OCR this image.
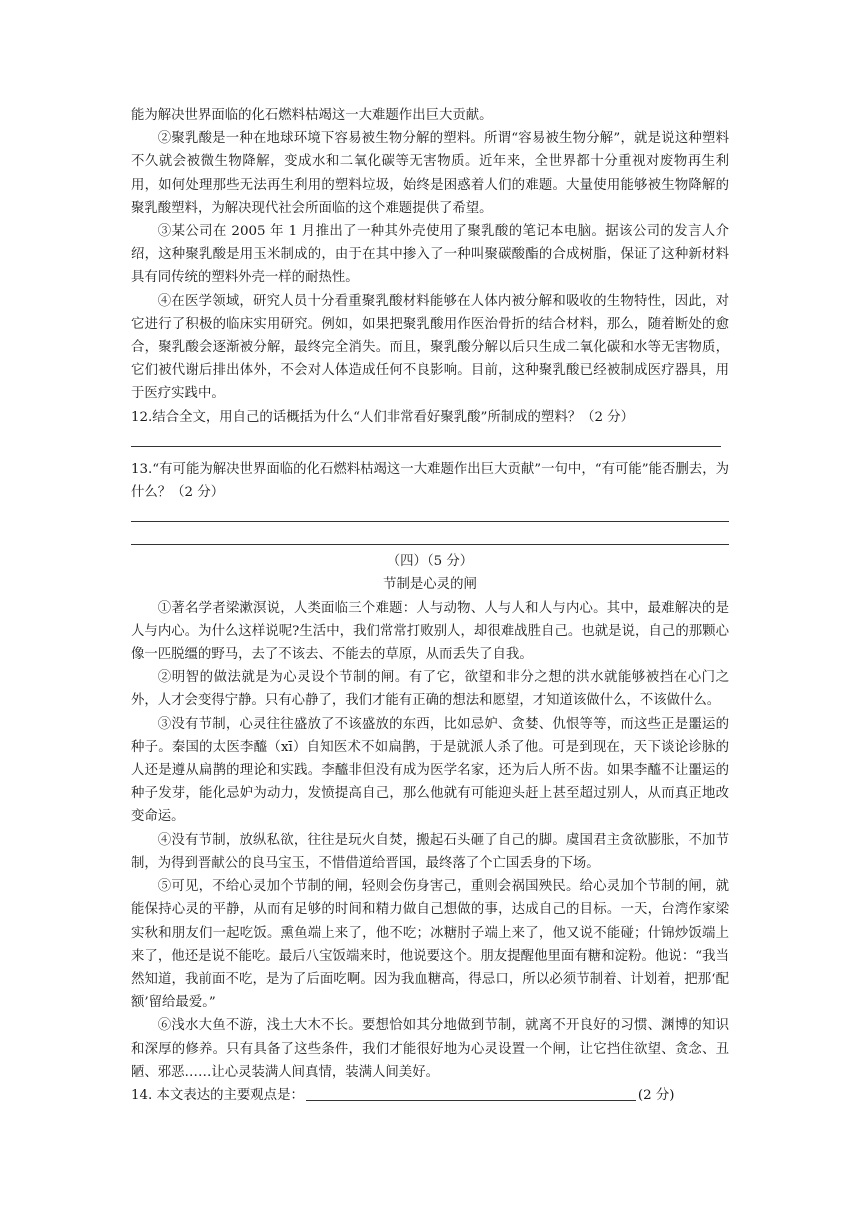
能为解决世界面临的化石燃料枯竭这一大难题作出巨大贡献。

②聚乳酸是一种在地球环境下容易被生物分解的塑料。所谓“容易被生物分解”，就是说这种塑料不久就会被微生物降解，变成水和二氧化碳等无害物质。近年来，全世界都十分重视对废物再生利用，如何处理那些无法再生利用的塑料垃圾，始终是困惑着人们的难题。大量使用能够被生物降解的聚乳酸塑料，为解决现代社会所面临的这个难题提供了希望。

③某公司在 2005 年 1 月推出了一种其外壳使用了聚乳酸的笔记本电脑。据该公司的发言人介绍，这种聚乳酸是用玉米制成的，由于在其中掺入了一种叫聚碳酸酯的合成树脂，保证了这种新材料具有同传统的塑料外壳一样的耐热性。

④在医学领域，研究人员十分看重聚乳酸材料能够在人体内被分解和吸收的生物特性，因此，对它进行了积极的临床实用研究。例如，如果把聚乳酸用作医治骨折的结合材料，那么，随着断处的愈合，聚乳酸会逐渐被分解，最终完全消失。而且，聚乳酸分解以后只生成二氧化碳和水等无害物质，它们被代谢后排出体外，不会对人体造成任何不良影响。目前，这种聚乳酸已经被制成医疗器具，用于医疗实践中。

12.结合全文，用自己的话概括为什么“人们非常看好聚乳酸”所制成的塑料？（2 分）

13.“有可能为解决世界面临的化石燃料枯竭这一大难题作出巨大贡献”一句中，“有可能”能否删去，为什么？（2 分）

（四）（5 分）

节制是心灵的闸

①著名学者梁漱溟说，人类面临三个难题：人与动物、人与人和人与内心。其中，最难解决的是人与内心。为什么这样说呢?生活中，我们常常打败别人，却很难战胜自己。也就是说，自己的那颗心像一匹脱缰的野马，去了不该去、不能去的草原，从而丢失了自我。

②明智的做法就是为心灵设个节制的闸。有了它，欲望和非分之想的洪水就能够被挡在心门之外，人才会变得宁静。只有心静了，我们才能有正确的想法和愿望，才知道该做什么，不该做什么。

③没有节制，心灵往往盛放了不该盛放的东西，比如忌妒、贪婪、仇恨等等，而这些正是噩运的种子。秦国的太医李醯（xī）自知医术不如扁鹊，于是就派人杀了他。可是到现在，天下谈论诊脉的人还是遵从扁鹊的理论和实践。李醯非但没有成为医学名家，还为后人所不齿。如果李醯不让噩运的种子发芽，能化忌妒为动力，发愤提高自己，那么他就有可能迎头赶上甚至超过别人，从而真正地改变命运。

④没有节制，放纵私欲，往往是玩火自焚，搬起石头砸了自己的脚。虞国君主贪欲膨胀，不加节制，为得到晋献公的良马宝玉，不惜借道给晋国，最终落了个亡国丢身的下场。

⑤可见，不给心灵加个节制的闸，轻则会伤身害己，重则会祸国殃民。给心灵加个节制的闸，就能保持心灵的平静，从而有足够的时间和精力做自己想做的事，达成自己的目标。一天，台湾作家梁实秋和朋友们一起吃饭。熏鱼端上来了，他不吃；冰糖肘子端上来了，他又说不能碰；什锦炒饭端上来了，他还是说不能吃。最后八宝饭端来时，他说要这个。朋友提醒他里面有糖和淀粉。他说：“我当然知道，我前面不吃，是为了后面吃啊。因为我血糖高，得忌口，所以必须节制着、计划着，把那‘配额’留给最爱。”

⑥浅水大鱼不游，浅土大木不长。要想恰如其分地做到节制，就离不开良好的习惯、渊博的知识和深厚的修养。只有具备了这些条件，我们才能很好地为心灵设置一个闸，让它挡住欲望、贪念、丑陋、邪恶……让心灵装满人间真情，装满人间美好。

14. 本文表达的主要观点是：	(2 分)
